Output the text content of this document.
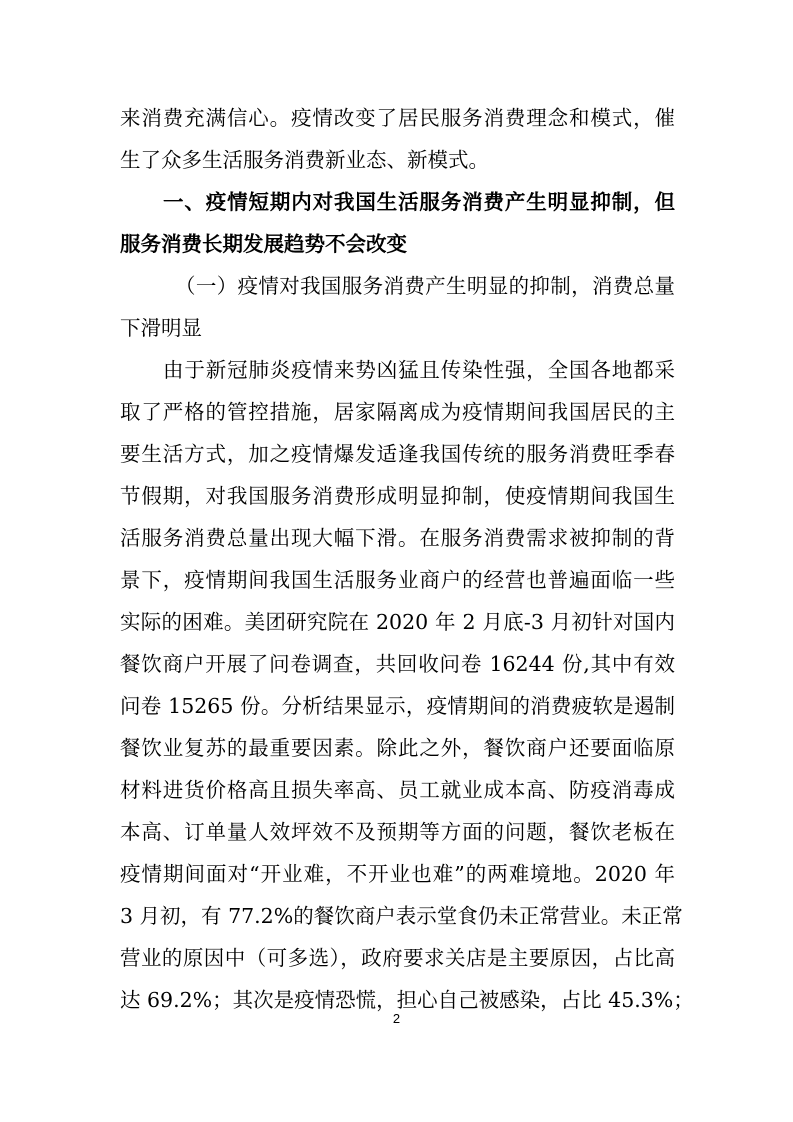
来消费充满信心。疫情改变了居民服务消费理念和模式，催
生了众多生活服务消费新业态、新模式。
一、疫情短期内对我国生活服务消费产生明显抑制，但
服务消费长期发展趋势不会改变
（一）疫情对我国服务消费产生明显的抑制，消费总量
下滑明显
由于新冠肺炎疫情来势凶猛且传染性强，全国各地都采
取了严格的管控措施，居家隔离成为疫情期间我国居民的主
要生活方式，加之疫情爆发适逢我国传统的服务消费旺季春
节假期，对我国服务消费形成明显抑制，使疫情期间我国生
活服务消费总量出现大幅下滑。在服务消费需求被抑制的背
景下，疫情期间我国生活服务业商户的经营也普遍面临一些
实际的困难。美团研究院在 2020 年 2 月底-3 月初针对国内
餐饮商户开展了问卷调查，共回收问卷 16244 份,其中有效
问卷 15265 份。分析结果显示，疫情期间的消费疲软是遏制
餐饮业复苏的最重要因素。除此之外，餐饮商户还要面临原
材料进货价格高且损失率高、员工就业成本高、防疫消毒成
本高、订单量人效坪效不及预期等方面的问题，餐饮老板在
疫情期间面对“开业难，不开业也难”的两难境地。2020 年
3 月初，有 77.2%的餐饮商户表示堂食仍未正常营业。未正常
营业的原因中（可多选），政府要求关店是主要原因，占比高
达 69.2%；其次是疫情恐慌，担心自己被感染，占比 45.3%；
2
